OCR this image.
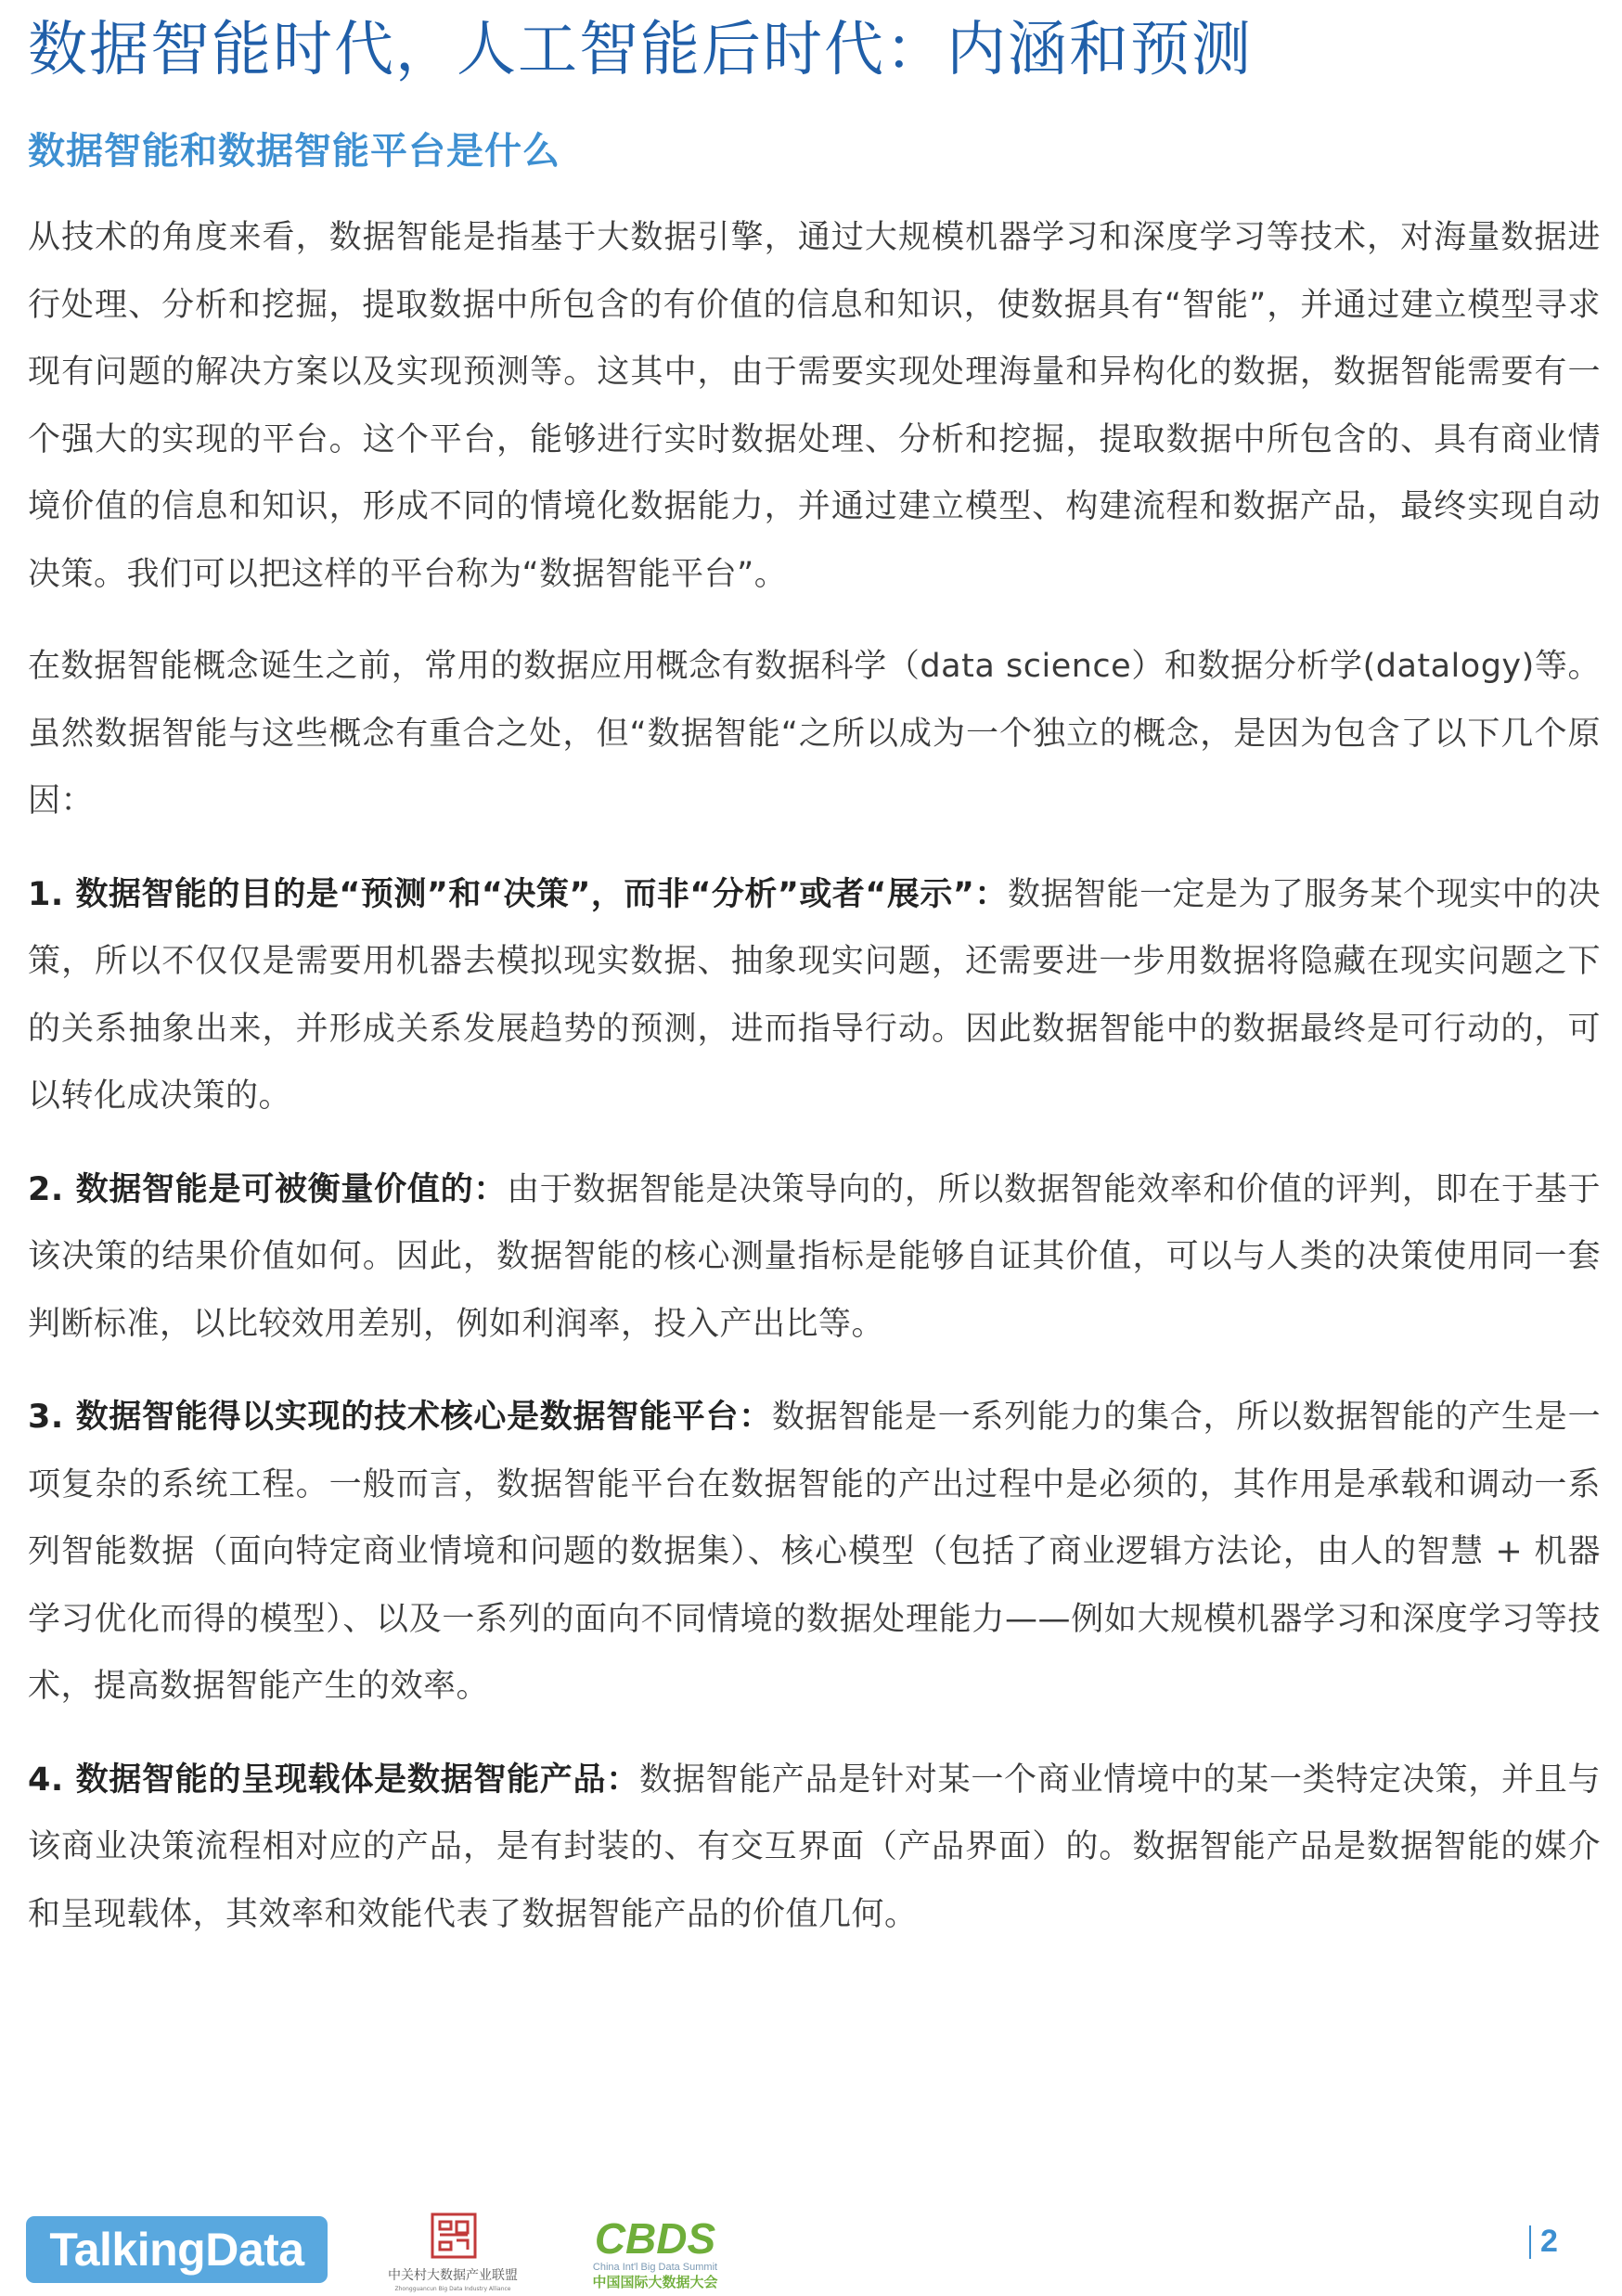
数据智能时代，人工智能后时代：内涵和预测
数据智能和数据智能平台是什么

从技术的角度来看，数据智能是指基于大数据引擎，通过大规模机器学习和深度学习等技术，对海量数据进行处理、分析和挖掘，提取数据中所包含的有价值的信息和知识，使数据具有“智能”，并通过建立模型寻求现有问题的解决方案以及实现预测等。这其中，由于需要实现处理海量和异构化的数据，数据智能需要有一个强大的实现的平台。这个平台，能够进行实时数据处理、分析和挖掘，提取数据中所包含的、具有商业情境价值的信息和知识，形成不同的情境化数据能力，并通过建立模型、构建流程和数据产品，最终实现自动决策。我们可以把这样的平台称为“数据智能平台”。

在数据智能概念诞生之前，常用的数据应用概念有数据科学（data science）和数据分析学(datalogy)等。虽然数据智能与这些概念有重合之处，但“数据智能“之所以成为一个独立的概念，是因为包含了以下几个原因：

1. 数据智能的目的是“预测”和“决策”，而非“分析”或者“展示”：数据智能一定是为了服务某个现实中的决策，所以不仅仅是需要用机器去模拟现实数据、抽象现实问题，还需要进一步用数据将隐藏在现实问题之下的关系抽象出来，并形成关系发展趋势的预测，进而指导行动。因此数据智能中的数据最终是可行动的，可以转化成决策的。

2. 数据智能是可被衡量价值的：由于数据智能是决策导向的，所以数据智能效率和价值的评判，即在于基于该决策的结果价值如何。因此，数据智能的核心测量指标是能够自证其价值，可以与人类的决策使用同一套判断标准，以比较效用差别，例如利润率，投入产出比等。

3. 数据智能得以实现的技术核心是数据智能平台：数据智能是一系列能力的集合，所以数据智能的产生是一项复杂的系统工程。一般而言，数据智能平台在数据智能的产出过程中是必须的，其作用是承载和调动一系列智能数据（面向特定商业情境和问题的数据集）、核心模型（包括了商业逻辑方法论，由人的智慧 + 机器学习优化而得的模型）、以及一系列的面向不同情境的数据处理能力——例如大规模机器学习和深度学习等技术，提高数据智能产生的效率。

4. 数据智能的呈现载体是数据智能产品：数据智能产品是针对某一个商业情境中的某一类特定决策，并且与该商业决策流程相对应的产品，是有封装的、有交互界面（产品界面）的。数据智能产品是数据智能的媒介和呈现载体，其效率和效能代表了数据智能产品的价值几何。

TalkingData	中关村大数据产业联盟
Zhongguancun Big Data Industry Alliance
CBDS
China Int'l Big Data Summit
中国国际大数据大会
2
